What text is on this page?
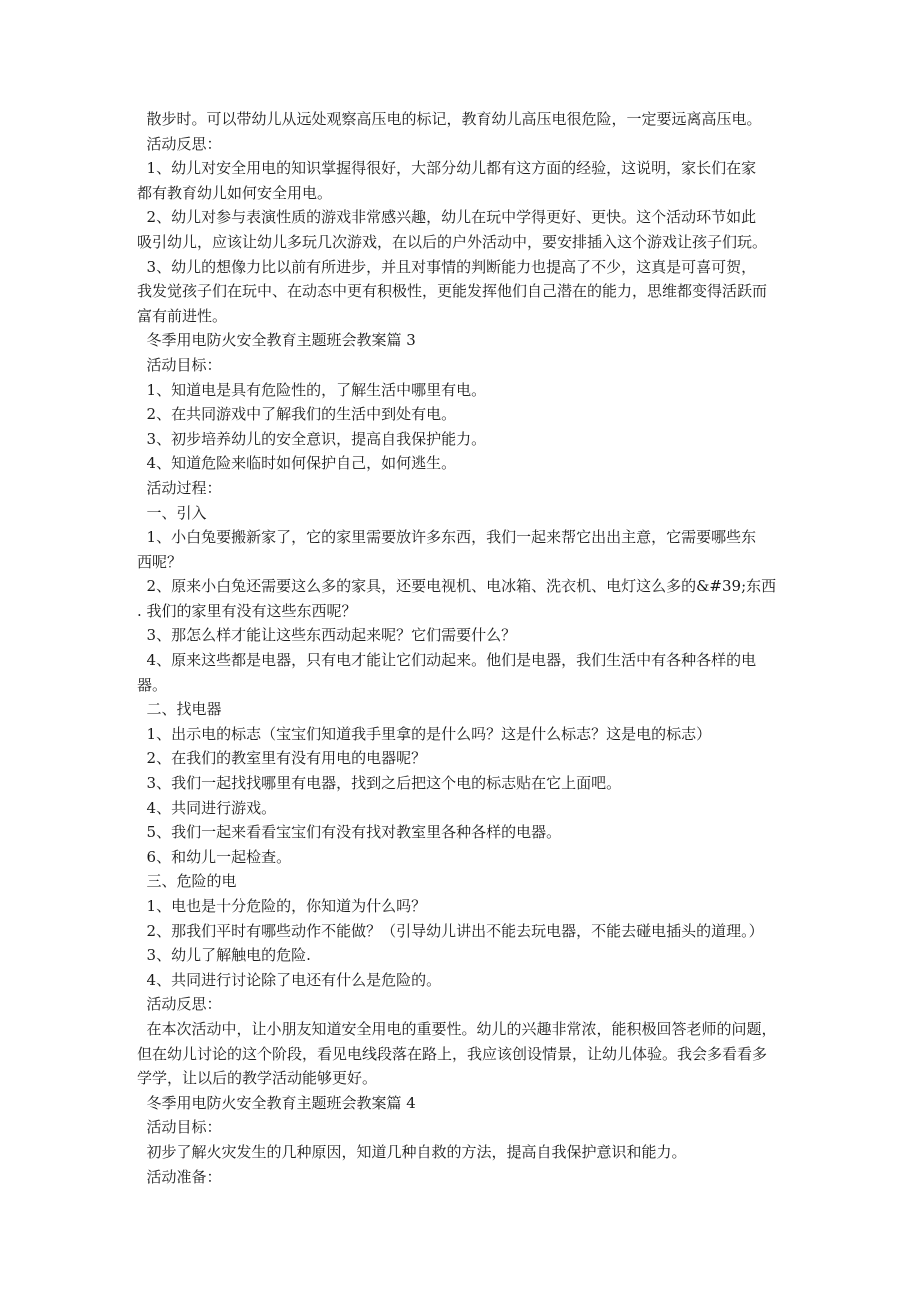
散步时。可以带幼儿从远处观察高压电的标记，教育幼儿高压电很危险，一定要远离高压电。
活动反思：
1、幼儿对安全用电的知识掌握得很好，大部分幼儿都有这方面的经验，这说明，家长们在家
都有教育幼儿如何安全用电。
2、幼儿对参与表演性质的游戏非常感兴趣，幼儿在玩中学得更好、更快。这个活动环节如此
吸引幼儿，应该让幼儿多玩几次游戏，在以后的户外活动中，要安排插入这个游戏让孩子们玩。
3、幼儿的想像力比以前有所进步，并且对事情的判断能力也提高了不少，这真是可喜可贺，
我发觉孩子们在玩中、在动态中更有积极性，更能发挥他们自己潜在的能力，思维都变得活跃而
富有前进性。
冬季用电防火安全教育主题班会教案篇 3
活动目标：
1、知道电是具有危险性的，了解生活中哪里有电。
2、在共同游戏中了解我们的生活中到处有电。
3、初步培养幼儿的安全意识，提高自我保护能力。
4、知道危险来临时如何保护自己，如何逃生。
活动过程：
一、引入
1、小白兔要搬新家了，它的家里需要放许多东西，我们一起来帮它出出主意，它需要哪些东
西呢？
2、原来小白兔还需要这么多的家具，还要电视机、电冰箱、洗衣机、电灯这么多的&#39;东西
. 我们的家里有没有这些东西呢？
3、那怎么样才能让这些东西动起来呢？它们需要什么？
4、原来这些都是电器，只有电才能让它们动起来。他们是电器，我们生活中有各种各样的电
器。
二、找电器
1、出示电的标志（宝宝们知道我手里拿的是什么吗？这是什么标志？这是电的标志）
2、在我们的教室里有没有用电的电器呢？
3、我们一起找找哪里有电器，找到之后把这个电的标志贴在它上面吧。
4、共同进行游戏。
5、我们一起来看看宝宝们有没有找对教室里各种各样的电器。
6、和幼儿一起检查。
三、危险的电
1、电也是十分危险的，你知道为什么吗？
2、那我们平时有哪些动作不能做？（引导幼儿讲出不能去玩电器，不能去碰电插头的道理。）
3、幼儿了解触电的危险.
4、共同进行讨论除了电还有什么是危险的。
活动反思：
在本次活动中，让小朋友知道安全用电的重要性。幼儿的兴趣非常浓，能积极回答老师的问题，
但在幼儿讨论的这个阶段，看见电线段落在路上，我应该创设情景，让幼儿体验。我会多看看多
学学，让以后的教学活动能够更好。
冬季用电防火安全教育主题班会教案篇 4
活动目标：
初步了解火灾发生的几种原因，知道几种自救的方法，提高自我保护意识和能力。
活动准备：
